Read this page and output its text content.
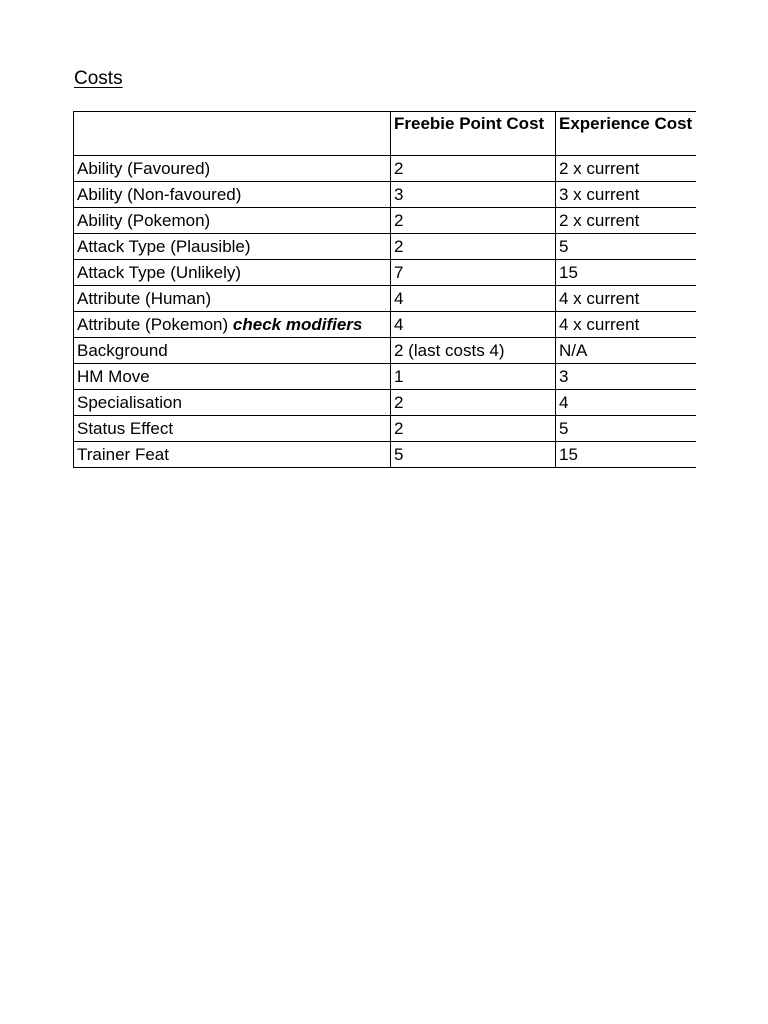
Costs
	Freebie Point Cost	Experience Cost
Ability (Favoured)	2	2 x current
Ability (Non-favoured)	3	3 x current
Ability (Pokemon)	2	2 x current
Attack Type (Plausible)	2	5
Attack Type (Unlikely)	7	15
Attribute (Human)	4	4 x current
Attribute (Pokemon) check modifiers	4	4 x current
Background	2 (last costs 4)	N/A
HM Move	1	3
Specialisation	2	4
Status Effect	2	5
Trainer Feat	5	15
